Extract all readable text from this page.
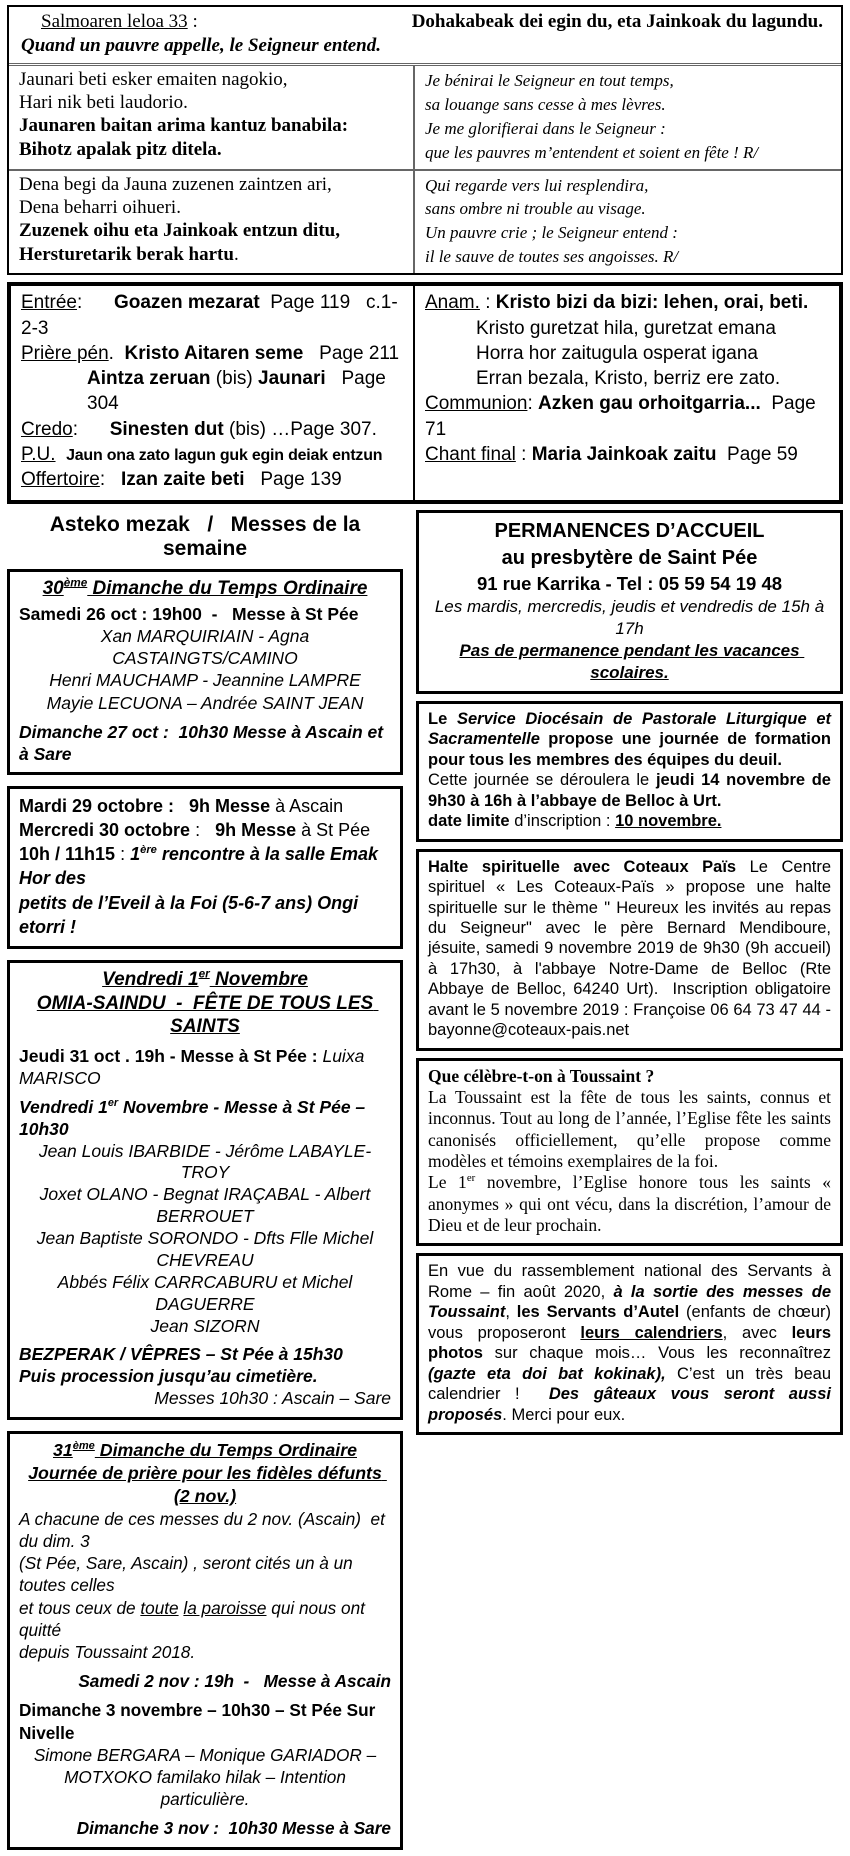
Salmoaren leloa 33 :	Dohakabeak dei egin du, eta Jainkoak du lagundu.
Quand un pauvre appelle, le Seigneur entend.
Jaunari beti esker emaiten nagokio,
Hari nik beti laudorio.
Jaunaren baitan arima kantuz banabila:
Bihotz apalak pitz ditela.
Je bénirai le Seigneur en tout temps,
sa louange sans cesse à mes lèvres.
Je me glorifierai dans le Seigneur :
que les pauvres m’entendent et soient en fête ! R/
Dena begi da Jauna zuzenen zaintzen ari,
Dena beharri oihueri.
Zuzenek oihu eta Jainkoak entzun ditu,
Hersturetarik berak hartu.
Qui regarde vers lui resplendira,
sans ombre ni trouble au visage.
Un pauvre crie ; le Seigneur entend :
il le sauve de toutes ses angoisses. R/
Entrée:      Goazen mezarat  Page 119   c.1-2-3
Prière pén.  Kristo Aitaren seme   Page 211
Aintza zeruan (bis) Jaunari   Page 304
Credo:      Sinesten dut (bis) …Page 307.
P.U. Jaun ona zato lagun guk egin deiak entzun
Offertoire:   Izan zaite beti   Page 139
Anam. : Kristo bizi da bizi: lehen, orai, beti.
Kristo guretzat hila, guretzat emana
Horra hor zaitugula osperat igana
Erran bezala, Kristo, berriz ere zato.
Communion: Azken gau orhoitgarria...  Page 71
Chant final : Maria Jainkoak zaitu  Page 59
Asteko mezak   /   Messes de la semaine
30ème Dimanche du Temps Ordinaire
Samedi 26 oct : 19h00  -   Messe à St Pée
Xan MARQUIRIAIN - Agna CASTAINGTS/CAMINO
Henri MAUCHAMP - Jeannine LAMPRE
Mayie LECUONA – Andrée SAINT JEAN
Dimanche 27 oct :  10h30 Messe à Ascain et à Sare
Mardi 29 octobre :   9h Messe à Ascain
Mercredi 30 octobre :   9h Messe à St Pée
10h / 11h15 : 1ère rencontre à la salle Emak Hor des
petits de l’Eveil à la Foi (5-6-7 ans) Ongi etorri !
Vendredi 1er Novembre
OMIA-SAINDU  -  FÊTE DE TOUS LES SAINTS
Jeudi 31 oct . 19h - Messe à St Pée : Luixa MARISCO
Vendredi 1er Novembre - Messe à St Pée – 10h30
Jean Louis IBARBIDE - Jérôme LABAYLE-TROY
Joxet OLANO - Begnat IRAÇABAL - Albert BERROUET
Jean Baptiste SORONDO - Dfts Flle Michel CHEVREAU
Abbés Félix CARRCABURU et Michel DAGUERRE
Jean SIZORN
BEZPERAK / VÊPRES – St Pée à 15h30
Puis procession jusqu’au cimetière.
Messes 10h30 : Ascain – Sare
31ème Dimanche du Temps Ordinaire
Journée de prière pour les fidèles défunts (2 nov.)
A chacune de ces messes du 2 nov. (Ascain)  et du dim. 3
(St Pée, Sare, Ascain) , seront cités un à un toutes celles
et tous ceux de toute la paroisse qui nous ont quitté
depuis Toussaint 2018.
Samedi 2 nov : 19h  -   Messe à Ascain
Dimanche 3 novembre – 10h30 – St Pée Sur Nivelle
Simone BERGARA – Monique GARIADOR –
MOTXOKO familako hilak – Intention particulière.
Dimanche 3 nov :  10h30 Messe à Sare
PERMANENCES D’ACCUEIL
au presbytère de Saint Pée
91 rue Karrika - Tel : 05 59 54 19 48
Les mardis, mercredis, jeudis et vendredis de 15h à 17h
Pas de permanence pendant les vacances scolaires.
Le Service Diocésain de Pastorale Liturgique et Sacramentelle propose une journée de formation pour tous les membres des équipes du deuil.
Cette journée se déroulera le jeudi 14 novembre de 9h30 à 16h à l’abbaye de Belloc à Urt.
date limite d’inscription : 10 novembre.
Halte spirituelle avec Coteaux Païs Le Centre spirituel « Les Coteaux-Païs » propose une halte spirituelle sur le thème " Heureux les invités au repas du Seigneur" avec le père Bernard Mendiboure, jésuite, samedi 9 novembre 2019 de 9h30 (9h accueil) à 17h30, à l'abbaye Notre-Dame de Belloc (Rte Abbaye de Belloc, 64240 Urt).  Inscription obligatoire avant le 5 novembre 2019 : Françoise 06 64 73 47 44 - bayonne@coteaux-pais.net
Que célèbre-t-on à Toussaint ?
La Toussaint est la fête de tous les saints, connus et inconnus. Tout au long de l’année, l’Eglise fête les saints canonisés officiellement, qu’elle propose comme modèles et témoins exemplaires de la foi.
Le 1er novembre, l’Eglise honore tous les saints « anonymes » qui ont vécu, dans la discrétion, l’amour de Dieu et de leur prochain.
En vue du rassemblement national des Servants à Rome – fin août 2020, à la sortie des messes de Toussaint, les Servants d’Autel (enfants de chœur) vous proposeront leurs calendriers, avec leurs photos sur chaque mois… Vous les reconnaîtrez (gazte eta doi bat kokinak), C’est un très beau calendrier !  Des gâteaux vous seront aussi proposés. Merci pour eux.
